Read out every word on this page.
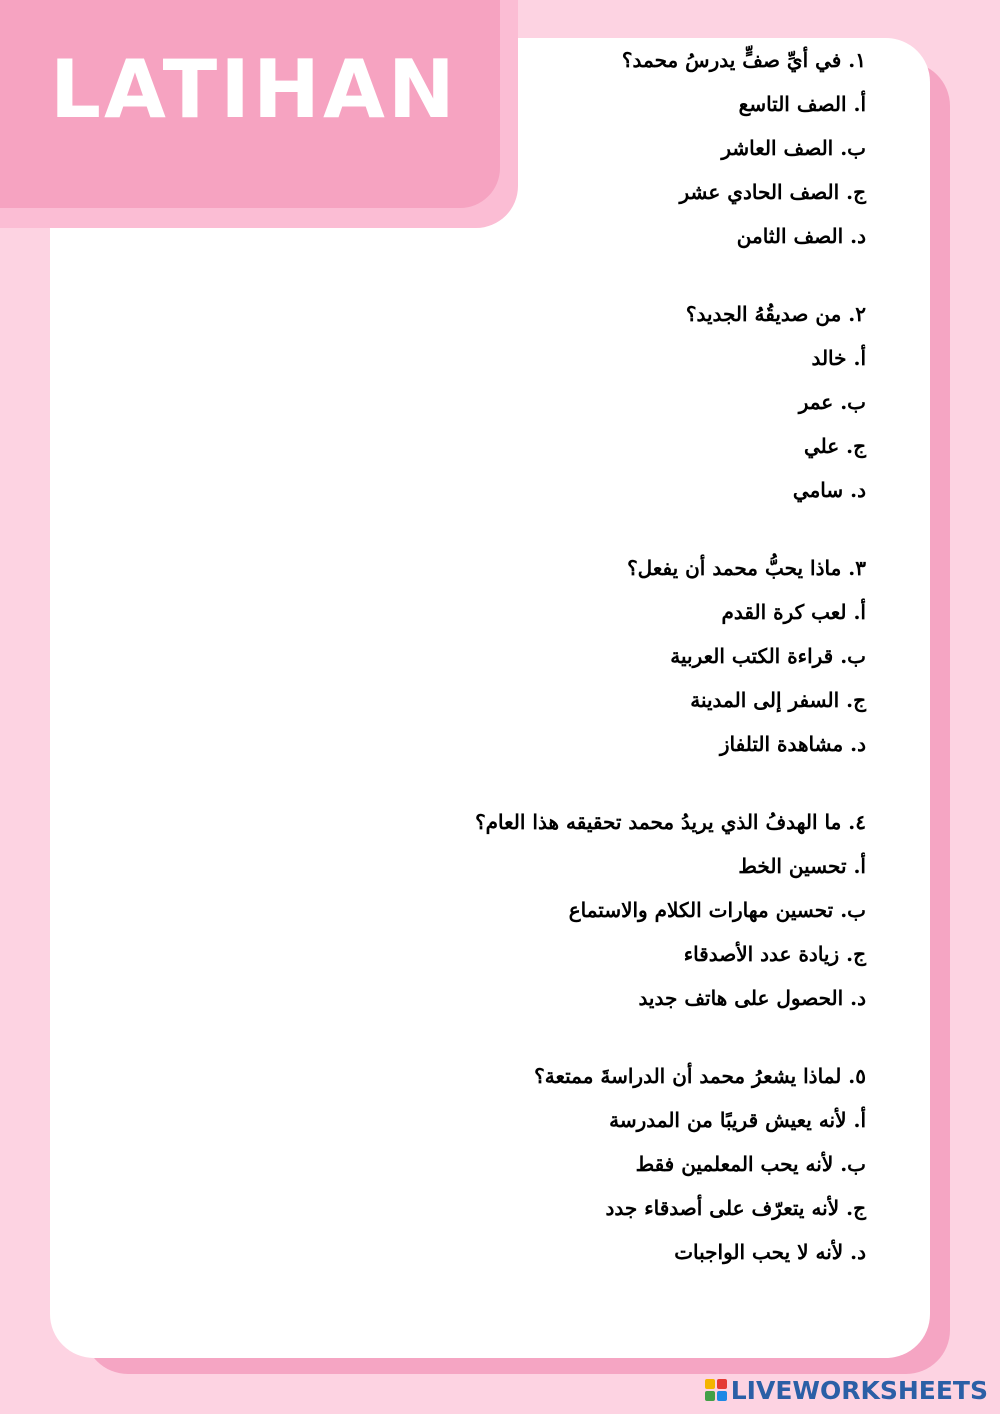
LATIHAN	١. في أيِّ صفٍّ يدرسُ محمد؟
أ. الصف التاسع
ب. الصف العاشر
ج. الصف الحادي عشر
د. الصف الثامن
٢. من صديقُهُ الجديد؟
أ. خالد
ب. عمر
ج. علي
د. سامي
٣. ماذا يحبُّ محمد أن يفعل؟
أ. لعب كرة القدم
ب. قراءة الكتب العربية
ج. السفر إلى المدينة
د. مشاهدة التلفاز
٤. ما الهدفُ الذي يريدُ محمد تحقيقه هذا العام؟
أ. تحسين الخط
ب. تحسين مهارات الكلام والاستماع
ج. زيادة عدد الأصدقاء
د. الحصول على هاتف جديد
٥. لماذا يشعرُ محمد أن الدراسةَ ممتعة؟
أ. لأنه يعيش قريبًا من المدرسة
ب. لأنه يحب المعلمين فقط
ج. لأنه يتعرّف على أصدقاء جدد
د. لأنه لا يحب الواجبات
LIVEWORKSHEETS
